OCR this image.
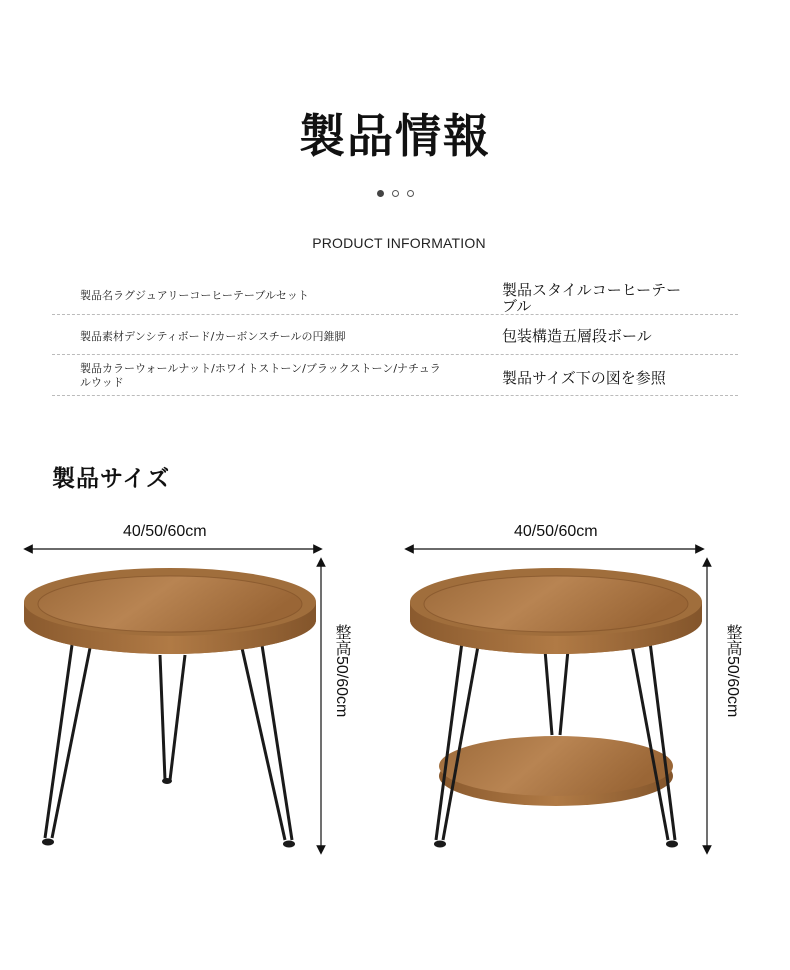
製品情報
PRODUCT INFORMATION
製品名ラグジュアリーコーヒーテーブルセット	製品スタイルコーヒーテーブル
製品素材デンシティボード/カーボンスチールの円錐脚	包装構造五層段ボール
製品カラーウォールナット/ホワイトストーン/ブラックストーン/ナチュラルウッド	製品サイズ下の図を参照
製品サイズ
40/50/60cm	40/50/60cm
整高50/60cm	整高50/60cm
